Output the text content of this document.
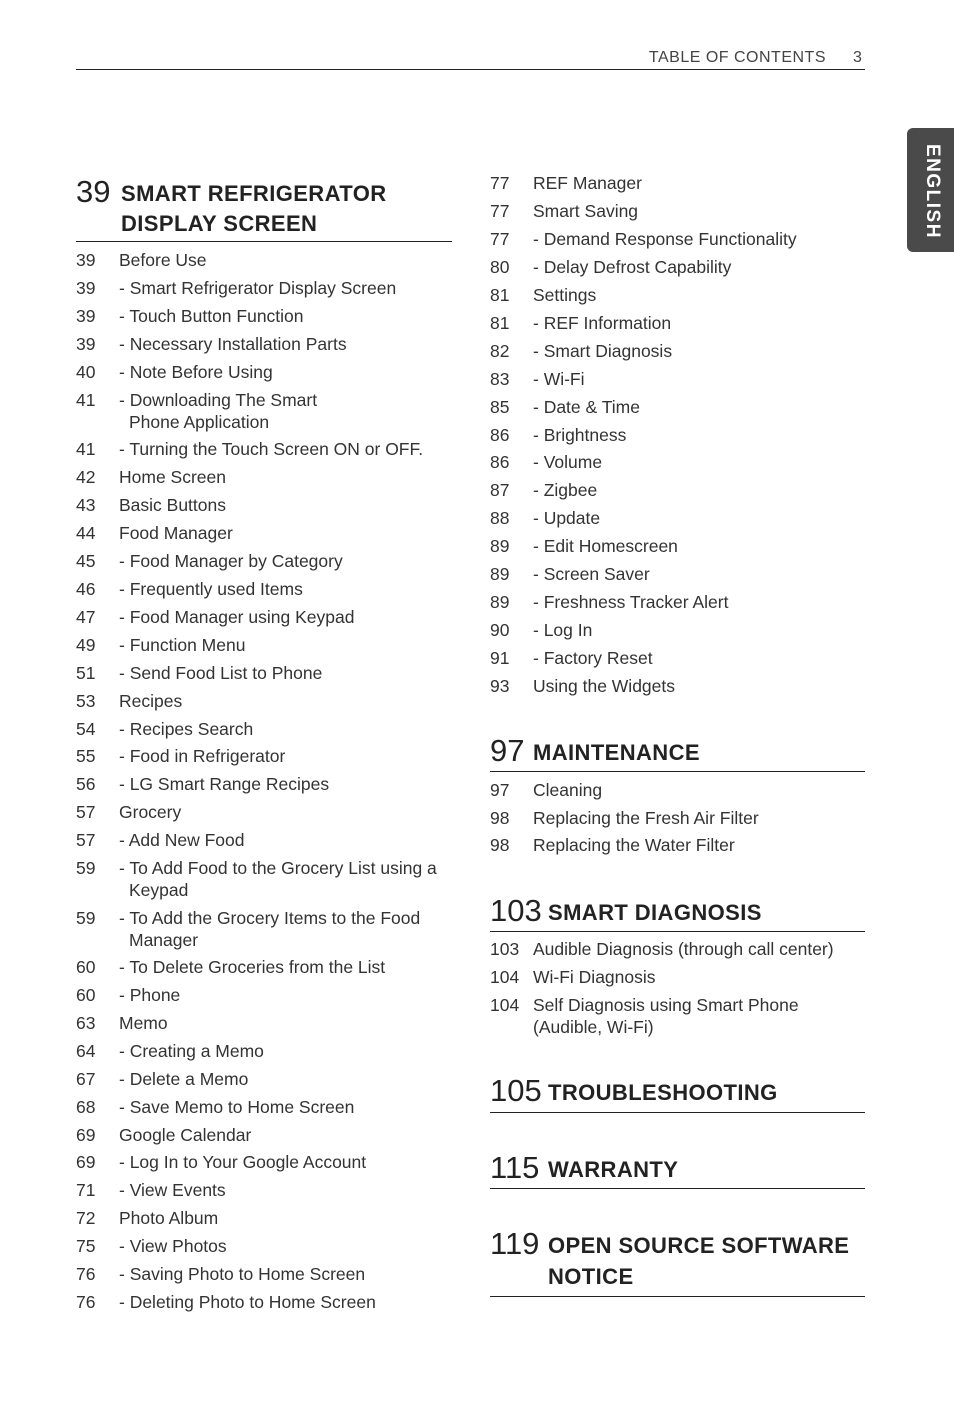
TABLE OF CONTENTS 3
ENGLISH
39 SMART REFRIGERATOR
DISPLAY SCREEN
39 Before Use
39 - Smart Refrigerator Display Screen
39 - Touch Button Function
39 - Necessary Installation Parts
40 - Note Before Using
41 - Downloading The Smart Phone Application
41 - Turning the Touch Screen ON or OFF.
42 Home Screen
43 Basic Buttons
44 Food Manager
45 - Food Manager by Category
46 - Frequently used Items
47 - Food Manager using Keypad
49 - Function Menu
51 - Send Food List to Phone
53 Recipes
54 - Recipes Search
55 - Food in Refrigerator
56 - LG Smart Range Recipes
57 Grocery
57 - Add New Food
59 - To Add Food to the Grocery List using a Keypad
59 - To Add the Grocery Items to the Food Manager
60 - To Delete Groceries from the List
60 - Phone
63 Memo
64 - Creating a Memo
67 - Delete a Memo
68 - Save Memo to Home Screen
69 Google Calendar
69 - Log In to Your Google Account
71 - View Events
72 Photo Album
75 - View Photos
76 - Saving Photo to Home Screen
76 - Deleting Photo to Home Screen
77 REF Manager
77 Smart Saving
77 - Demand Response Functionality
80 - Delay Defrost Capability
81 Settings
81 - REF Information
82 - Smart Diagnosis
83 - Wi-Fi
85 - Date & Time
86 - Brightness
86 - Volume
87 - Zigbee
88 - Update
89 - Edit Homescreen
89 - Screen Saver
89 - Freshness Tracker Alert
90 - Log In
91 - Factory Reset
93 Using the Widgets
97 MAINTENANCE
97 Cleaning
98 Replacing the Fresh Air Filter
98 Replacing the Water Filter
103 SMART DIAGNOSIS
103 Audible Diagnosis (through call center)
104 Wi-Fi Diagnosis
104 Self Diagnosis using Smart Phone (Audible, Wi-Fi)
105 TROUBLESHOOTING
115 WARRANTY
119 OPEN SOURCE SOFTWARE
NOTICE
